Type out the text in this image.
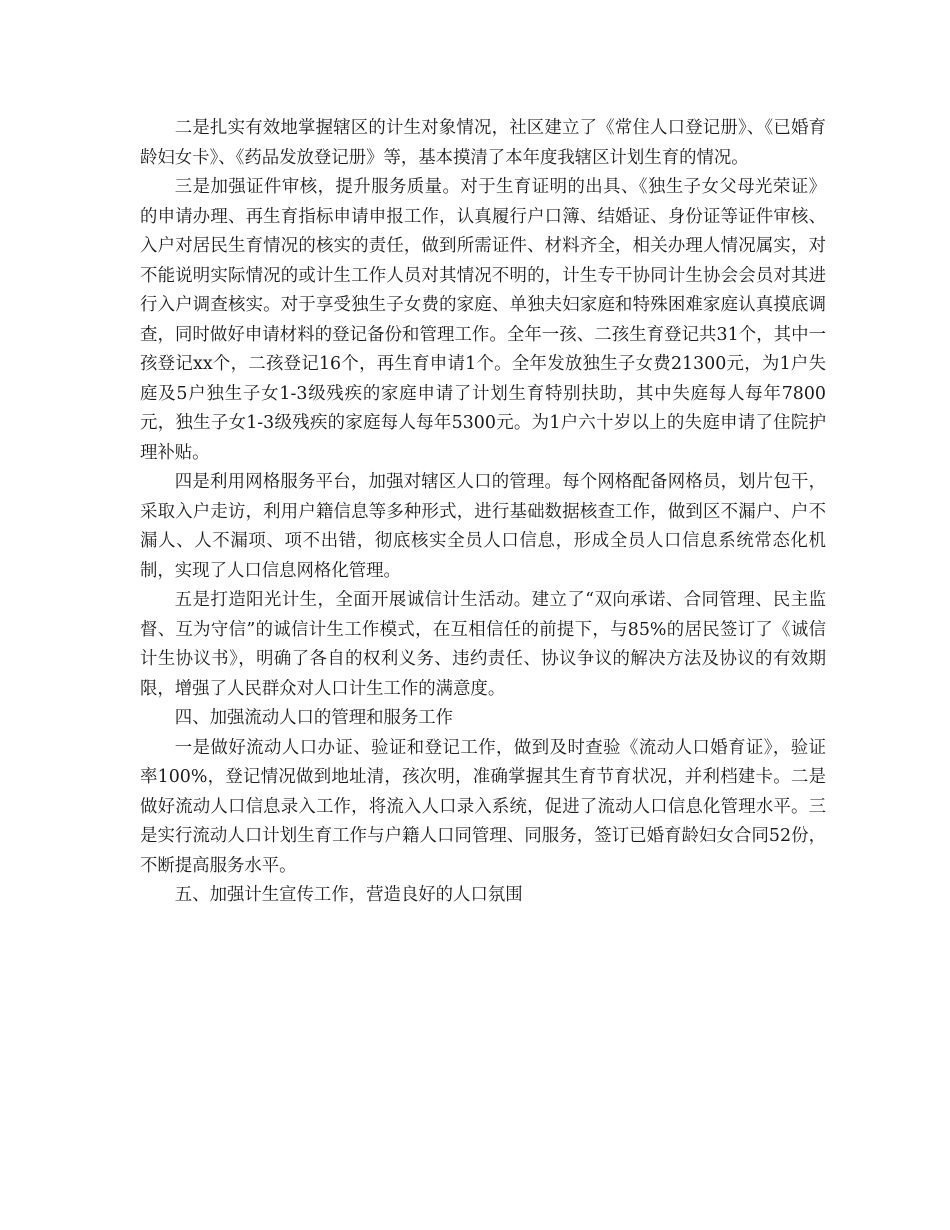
二是扎实有效地掌握辖区的计生对象情况，社区建立了《常住人口登记册》、《已婚育龄妇女卡》、《药品发放登记册》等，基本摸清了本年度我辖区计划生育的情况。

三是加强证件审核，提升服务质量。对于生育证明的出具、《独生子女父母光荣证》的申请办理、再生育指标申请申报工作，认真履行户口簿、结婚证、身份证等证件审核、入户对居民生育情况的核实的责任，做到所需证件、材料齐全，相关办理人情况属实，对不能说明实际情况的或计生工作人员对其情况不明的，计生专干协同计生协会会员对其进行入户调查核实。对于享受独生子女费的家庭、单独夫妇家庭和特殊困难家庭认真摸底调查，同时做好申请材料的登记备份和管理工作。全年一孩、二孩生育登记共31个，其中一孩登记xx个，二孩登记16个，再生育申请1个。全年发放独生子女费21300元，为1户失庭及5户独生子女1-3级残疾的家庭申请了计划生育特别扶助，其中失庭每人每年7800元，独生子女1-3级残疾的家庭每人每年5300元。为1户六十岁以上的失庭申请了住院护理补贴。

四是利用网格服务平台，加强对辖区人口的管理。每个网格配备网格员，划片包干，采取入户走访，利用户籍信息等多种形式，进行基础数据核查工作，做到区不漏户、户不漏人、人不漏项、项不出错，彻底核实全员人口信息，形成全员人口信息系统常态化机制，实现了人口信息网格化管理。

五是打造阳光计生，全面开展诚信计生活动。建立了“双向承诺、合同管理、民主监督、互为守信”的诚信计生工作模式，在互相信任的前提下，与85%的居民签订了《诚信计生协议书》，明确了各自的权利义务、违约责任、协议争议的解决方法及协议的有效期限，增强了人民群众对人口计生工作的满意度。

四、加强流动人口的管理和服务工作

一是做好流动人口办证、验证和登记工作，做到及时查验《流动人口婚育证》，验证率100%，登记情况做到地址清，孩次明，准确掌握其生育节育状况，并利档建卡。二是做好流动人口信息录入工作，将流入人口录入系统，促进了流动人口信息化管理水平。三是实行流动人口计划生育工作与户籍人口同管理、同服务，签订已婚育龄妇女合同52份，不断提高服务水平。

五、加强计生宣传工作，营造良好的人口氛围
